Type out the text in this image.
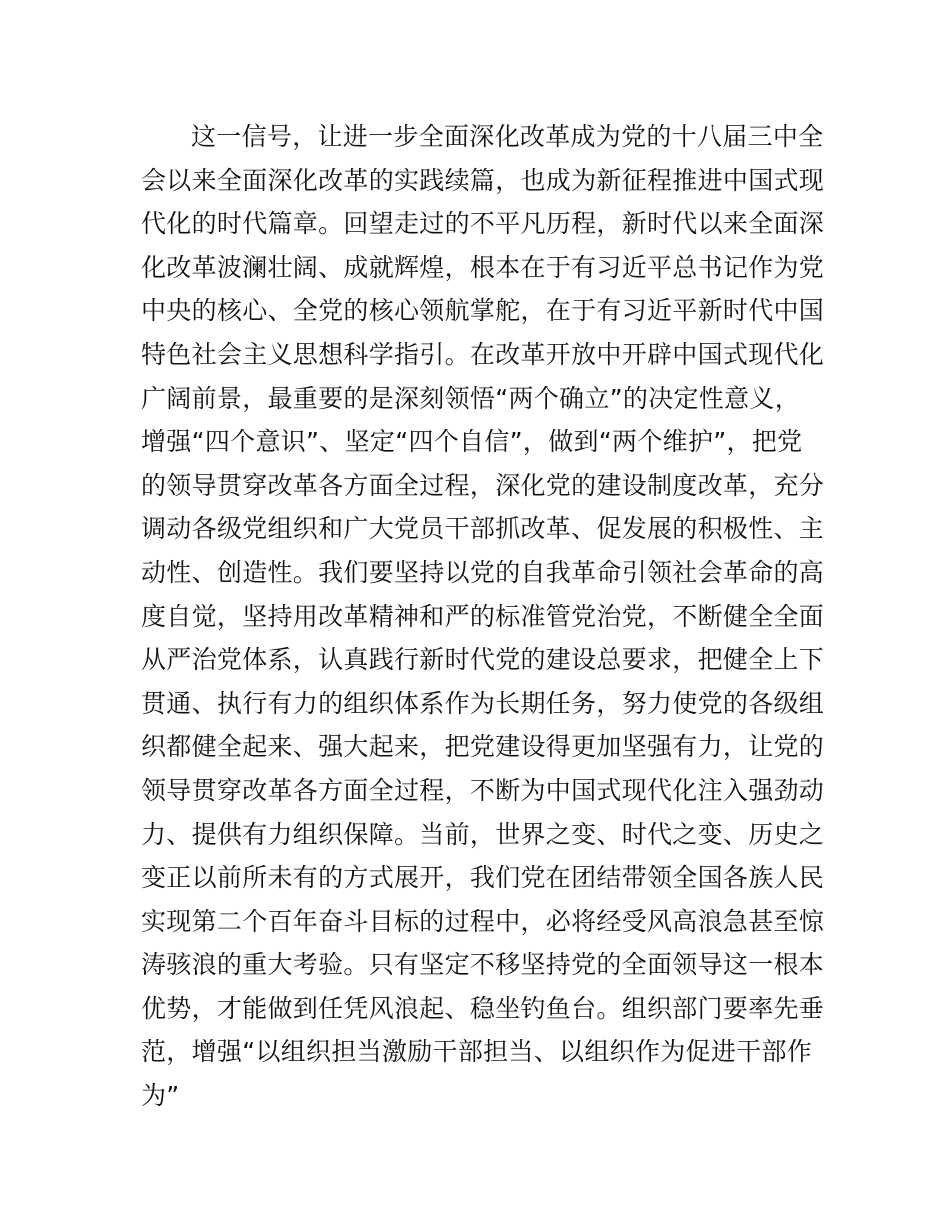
这一信号，让进一步全面深化改革成为党的十八届三中全
会以来全面深化改革的实践续篇，也成为新征程推进中国式现
代化的时代篇章。回望走过的不平凡历程，新时代以来全面深
化改革波澜壮阔、成就辉煌，根本在于有习近平总书记作为党
中央的核心、全党的核心领航掌舵，在于有习近平新时代中国
特色社会主义思想科学指引。在改革开放中开辟中国式现代化
广阔前景，最重要的是深刻领悟“两个确立”的决定性意义，
增强“四个意识”、坚定“四个自信”，做到“两个维护”，把党
的领导贯穿改革各方面全过程，深化党的建设制度改革，充分
调动各级党组织和广大党员干部抓改革、促发展的积极性、主
动性、创造性。我们要坚持以党的自我革命引领社会革命的高
度自觉，坚持用改革精神和严的标准管党治党，不断健全全面
从严治党体系，认真践行新时代党的建设总要求，把健全上下
贯通、执行有力的组织体系作为长期任务，努力使党的各级组
织都健全起来、强大起来，把党建设得更加坚强有力，让党的
领导贯穿改革各方面全过程，不断为中国式现代化注入强劲动
力、提供有力组织保障。当前，世界之变、时代之变、历史之
变正以前所未有的方式展开，我们党在团结带领全国各族人民
实现第二个百年奋斗目标的过程中，必将经受风高浪急甚至惊
涛骇浪的重大考验。只有坚定不移坚持党的全面领导这一根本
优势，才能做到任凭风浪起、稳坐钓鱼台。组织部门要率先垂
范，增强“以组织担当激励干部担当、以组织作为促进干部作
为”
